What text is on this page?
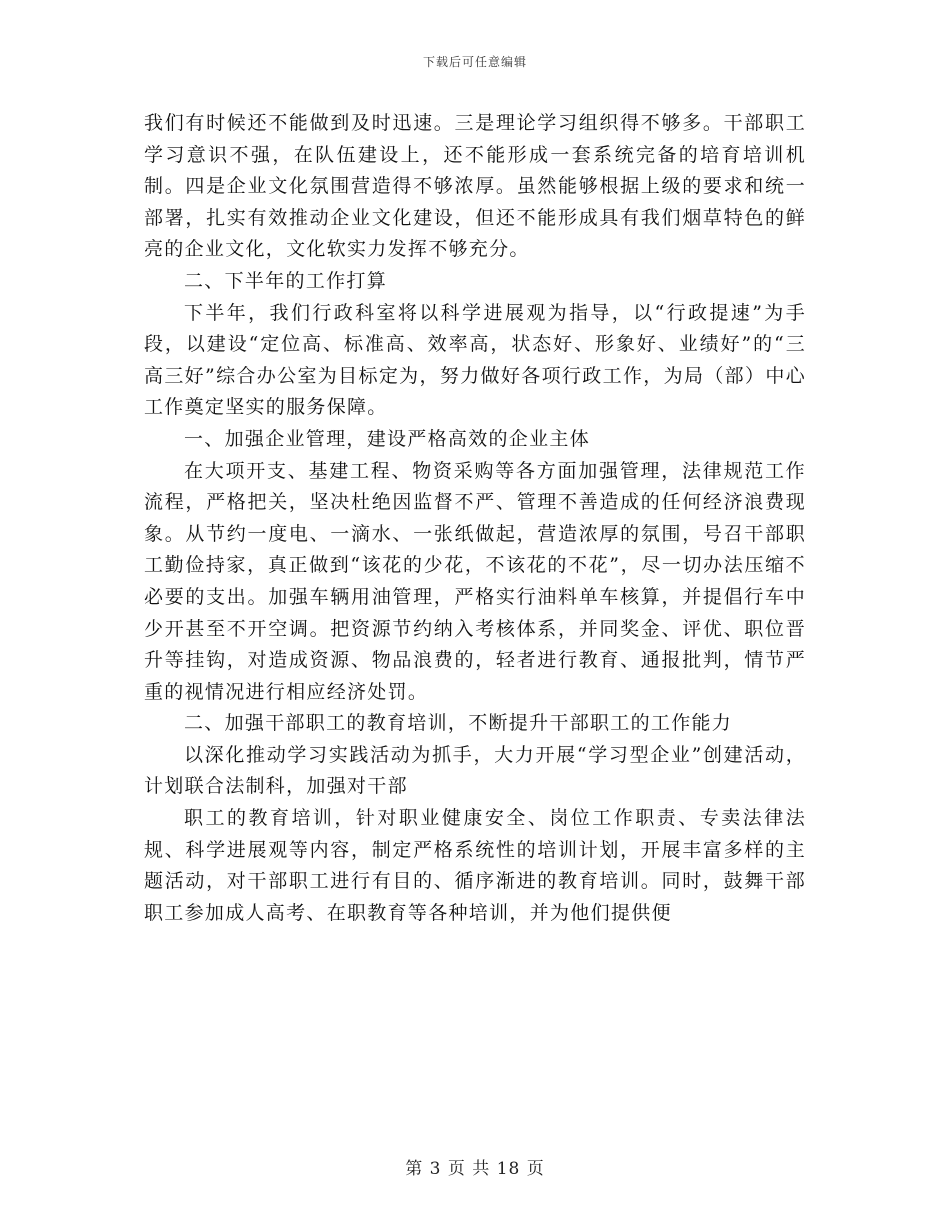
下载后可任意编辑

我们有时候还不能做到及时迅速。三是理论学习组织得不够多。干部职工学习意识不强，在队伍建设上，还不能形成一套系统完备的培育培训机制。四是企业文化氛围营造得不够浓厚。虽然能够根据上级的要求和统一部署，扎实有效推动企业文化建设，但还不能形成具有我们烟草特色的鲜亮的企业文化，文化软实力发挥不够充分。

二、下半年的工作打算

下半年，我们行政科室将以科学进展观为指导，以“行政提速”为手段，以建设“定位高、标准高、效率高，状态好、形象好、业绩好”的“三高三好”综合办公室为目标定为，努力做好各项行政工作，为局（部）中心工作奠定坚实的服务保障。

一、加强企业管理，建设严格高效的企业主体

在大项开支、基建工程、物资采购等各方面加强管理，法律规范工作流程，严格把关，坚决杜绝因监督不严、管理不善造成的任何经济浪费现象。从节约一度电、一滴水、一张纸做起，营造浓厚的氛围，号召干部职工勤俭持家，真正做到“该花的少花，不该花的不花”，尽一切办法压缩不必要的支出。加强车辆用油管理，严格实行油料单车核算，并提倡行车中少开甚至不开空调。把资源节约纳入考核体系，并同奖金、评优、职位晋升等挂钩，对造成资源、物品浪费的，轻者进行教育、通报批判，情节严重的视情况进行相应经济处罚。

二、加强干部职工的教育培训，不断提升干部职工的工作能力

以深化推动学习实践活动为抓手，大力开展“学习型企业”创建活动，计划联合法制科，加强对干部

职工的教育培训，针对职业健康安全、岗位工作职责、专卖法律法规、科学进展观等内容，制定严格系统性的培训计划，开展丰富多样的主题活动，对干部职工进行有目的、循序渐进的教育培训。同时，鼓舞干部职工参加成人高考、在职教育等各种培训，并为他们提供便

第 3 页 共 18 页
